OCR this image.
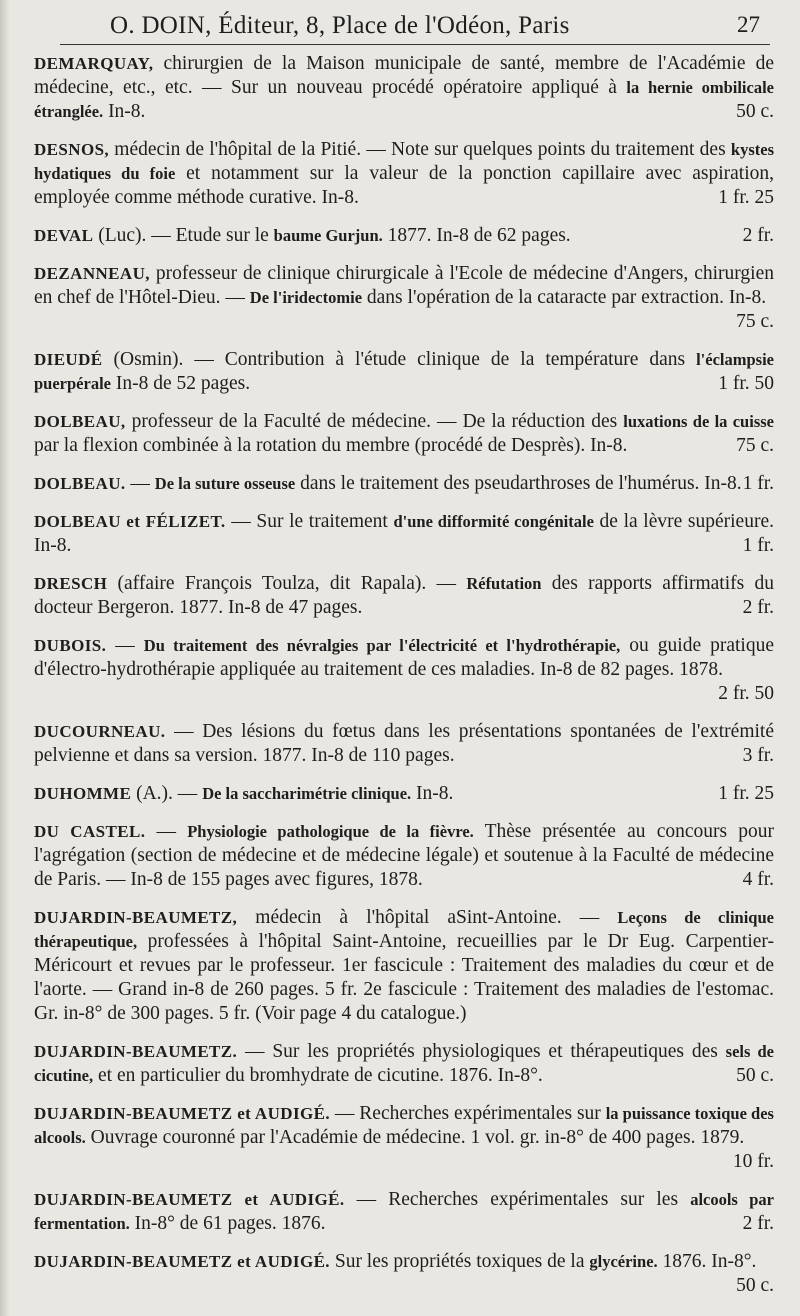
O. DOIN, Éditeur, 8, Place de l'Odéon, Paris	27
DEMARQUAY, chirurgien de la Maison municipale de santé, membre de l'Académie de médecine, etc., etc. — Sur un nouveau procédé opératoire appliqué à la hernie ombilicale étranglée. In-8.	50 c.
DESNOS, médecin de l'hôpital de la Pitié. — Note sur quelques points du traitement des kystes hydatiques du foie et notamment sur la valeur de la ponction capillaire avec aspiration, employée comme méthode curative. In-8.	1 fr. 25
DEVAL (Luc). — Etude sur le baume Gurjun. 1877. In-8 de 62 pages.	2 fr.
DEZANNEAU, professeur de clinique chirurgicale à l'Ecole de médecine d'Angers, chirurgien en chef de l'Hôtel-Dieu. — De l'iridectomie dans l'opération de la cataracte par extraction. In-8.
75 c.
DIEUDÉ (Osmin). — Contribution à l'étude clinique de la température dans l'éclampsie puerpérale In-8 de 52 pages.	1 fr. 50
DOLBEAU, professeur de la Faculté de médecine. — De la réduction des luxations de la cuisse par la flexion combinée à la rotation du membre (procédé de Desprès). In-8.	75 c.
DOLBEAU. — De la suture osseuse dans le traitement des pseudarthroses de l'humérus. In-8. 1 fr.
DOLBEAU et FÉLIZET. — Sur le traitement d'une difformité congénitale de la lèvre supérieure. In-8.	1 fr.
DRESCH (affaire François Toulza, dit Rapala). — Réfutation des rapports affirmatifs du docteur Bergeron. 1877. In-8 de 47 pages.	2 fr.
DUBOIS. — Du traitement des névralgies par l'électricité et l'hydrothérapie, ou guide pratique d'électro-hydrothérapie appliquée au traitement de ces maladies. In-8 de 82 pages. 1878.
2 fr. 50
DUCOURNEAU. — Des lésions du fœtus dans les présentations spontanées de l'extrémité pelvienne et dans sa version. 1877. In-8 de 110 pages.	3 fr.
DUHOMME (A.). — De la saccharimétrie clinique. In-8.	1 fr. 25
DU CASTEL. — Physiologie pathologique de la fièvre. Thèse présentée au concours pour l'agrégation (section de médecine et de médecine légale) et soutenue à la Faculté de médecine de Paris. — In-8 de 155 pages avec figures, 1878.	4 fr.
DUJARDIN-BEAUMETZ, médecin à l'hôpital aSint-Antoine. — Leçons de clinique thérapeutique, professées à l'hôpital Saint-Antoine, recueillies par le Dr Eug. Carpentier-Méricourt et revues par le professeur. 1er fascicule : Traitement des maladies du cœur et de l'aorte. — Grand in-8 de 260 pages. 5 fr. 2e fascicule : Traitement des maladies de l'estomac. Gr. in-8° de 300 pages. 5 fr. (Voir page 4 du catalogue.)
DUJARDIN-BEAUMETZ. — Sur les propriétés physiologiques et thérapeutiques des sels de cicutine, et en particulier du bromhydrate de cicutine. 1876. In-8°.	50 c.
DUJARDIN-BEAUMETZ et AUDIGÉ. — Recherches expérimentales sur la puissance toxique des alcools. Ouvrage couronné par l'Académie de médecine. 1 vol. gr. in-8° de 400 pages. 1879.
10 fr.
DUJARDIN-BEAUMETZ et AUDIGÉ. — Recherches expérimentales sur les alcools par fermentation. In-8° de 61 pages. 1876.	2 fr.
DUJARDIN-BEAUMETZ et AUDIGÉ. Sur les propriétés toxiques de la glycérine. 1876. In-8°.
50 c.
